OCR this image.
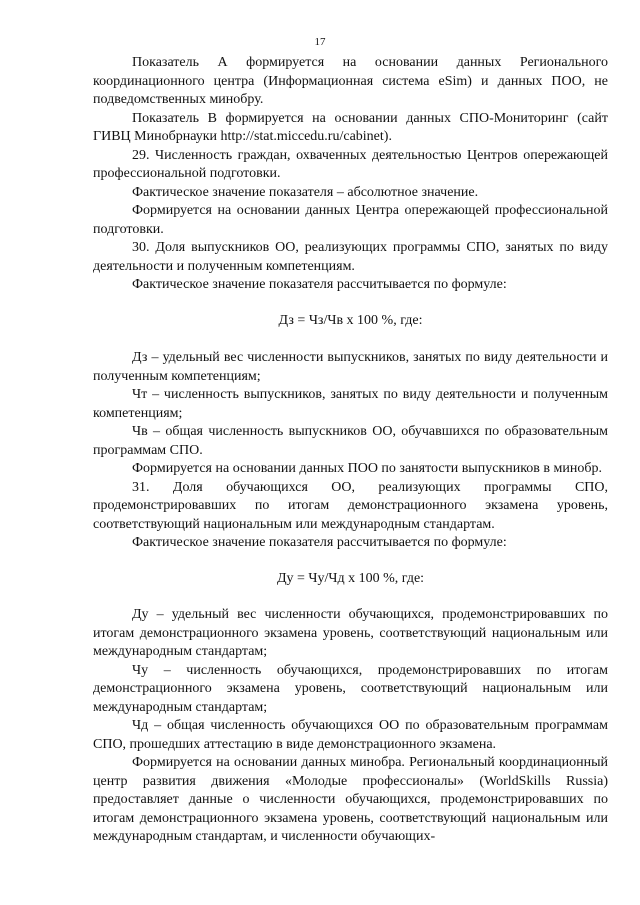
17

Показатель А формируется на основании данных Регионального координационного центра (Информационная система eSim) и данных ПОО, не подведомственных минобру.

Показатель В формируется на основании данных СПО-Мониторинг (сайт ГИВЦ Минобрнауки http://stat.miccedu.ru/cabinet).

29. Численность граждан, охваченных деятельностью Центров опережающей профессиональной подготовки.

Фактическое значение показателя – абсолютное значение.

Формируется на основании данных Центра опережающей профессиональной подготовки.

30. Доля выпускников ОО, реализующих программы СПО, занятых по виду деятельности и полученным компетенциям.

Фактическое значение показателя рассчитывается по формуле:

Дз = Чз/Чв х 100 %, где:

Дз – удельный вес численности выпускников, занятых по виду деятельности и полученным компетенциям;

Чт – численность выпускников, занятых по виду деятельности и полученным компетенциям;

Чв – общая численность выпускников ОО, обучавшихся по образовательным программам СПО.

Формируется на основании данных ПОО по занятости выпускников в минобр.

31. Доля обучающихся ОО, реализующих программы СПО, продемонстрировавших по итогам демонстрационного экзамена уровень, соответствующий национальным или международным стандартам.

Фактическое значение показателя рассчитывается по формуле:

Ду = Чу/Чд х 100 %, где:

Ду – удельный вес численности обучающихся, продемонстрировавших по итогам демонстрационного экзамена уровень, соответствующий национальным или международным стандартам;

Чу – численность обучающихся, продемонстрировавших по итогам демонстрационного экзамена уровень, соответствующий национальным или международным стандартам;

Чд – общая численность обучающихся ОО по образовательным программам СПО, прошедших аттестацию в виде демонстрационного экзамена.

Формируется на основании данных минобра. Региональный координационный центр развития движения «Молодые профессионалы» (WorldSkills Russia) предоставляет данные о численности обучающихся, продемонстрировавших по итогам демонстрационного экзамена уровень, соответствующий национальным или международным стандартам, и численности обучающих-
